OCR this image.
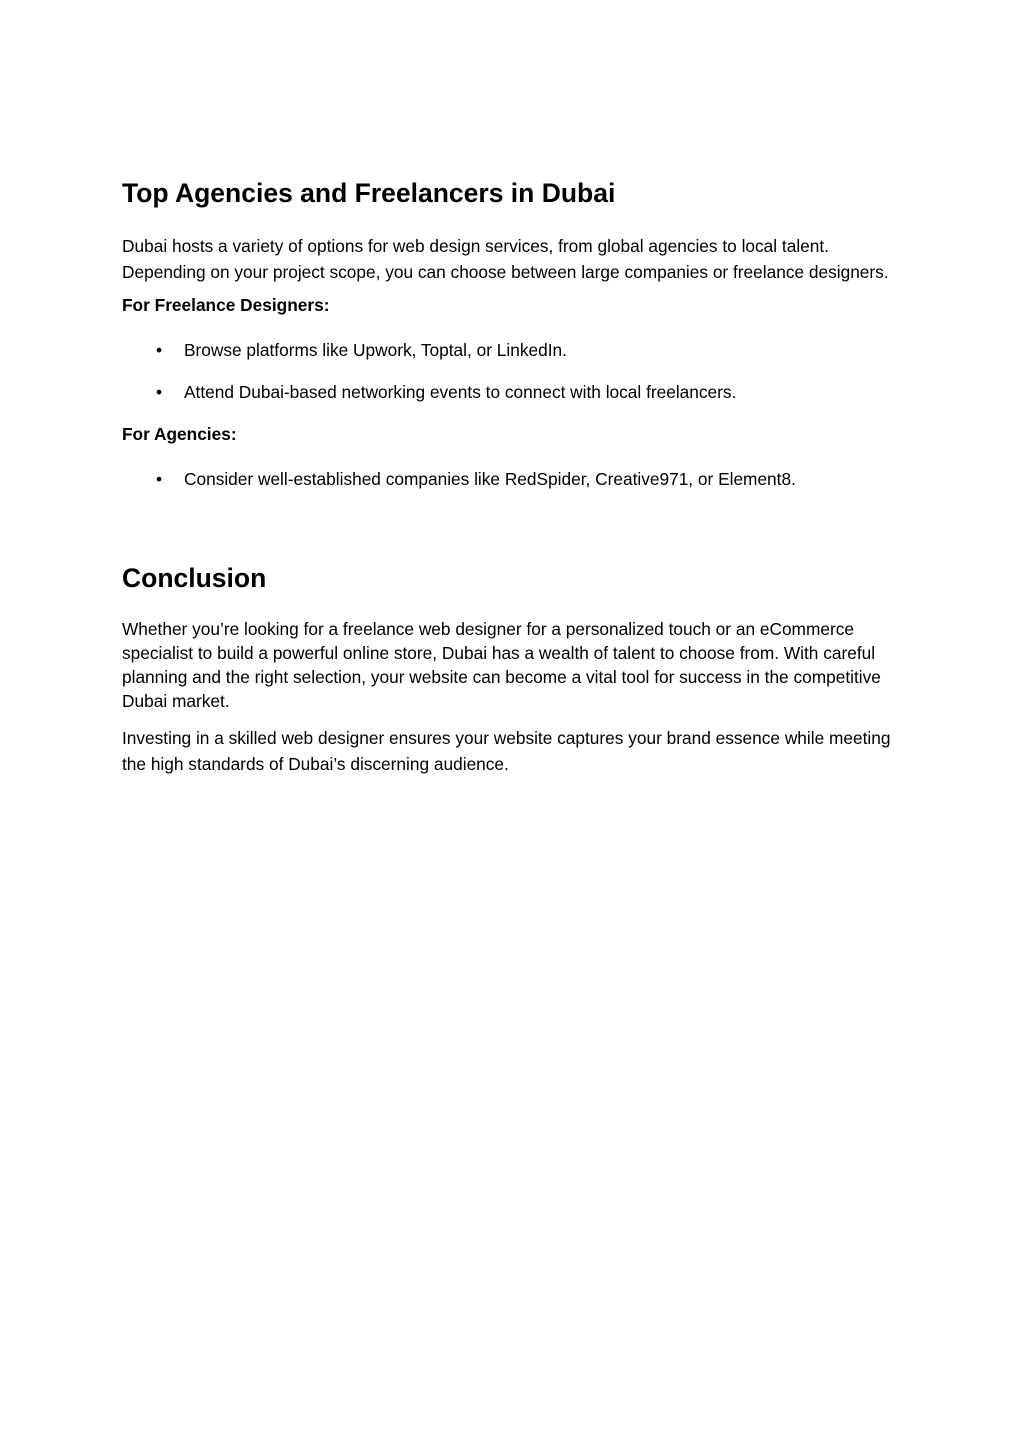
Top Agencies and Freelancers in Dubai

Dubai hosts a variety of options for web design services, from global agencies to local talent. Depending on your project scope, you can choose between large companies or freelance designers.

For Freelance Designers:

• Browse platforms like Upwork, Toptal, or LinkedIn.
• Attend Dubai-based networking events to connect with local freelancers.

For Agencies:

• Consider well-established companies like RedSpider, Creative971, or Element8.
Conclusion

Whether you’re looking for a freelance web designer for a personalized touch or an eCommerce specialist to build a powerful online store, Dubai has a wealth of talent to choose from. With careful planning and the right selection, your website can become a vital tool for success in the competitive Dubai market.

Investing in a skilled web designer ensures your website captures your brand essence while meeting the high standards of Dubai’s discerning audience.
